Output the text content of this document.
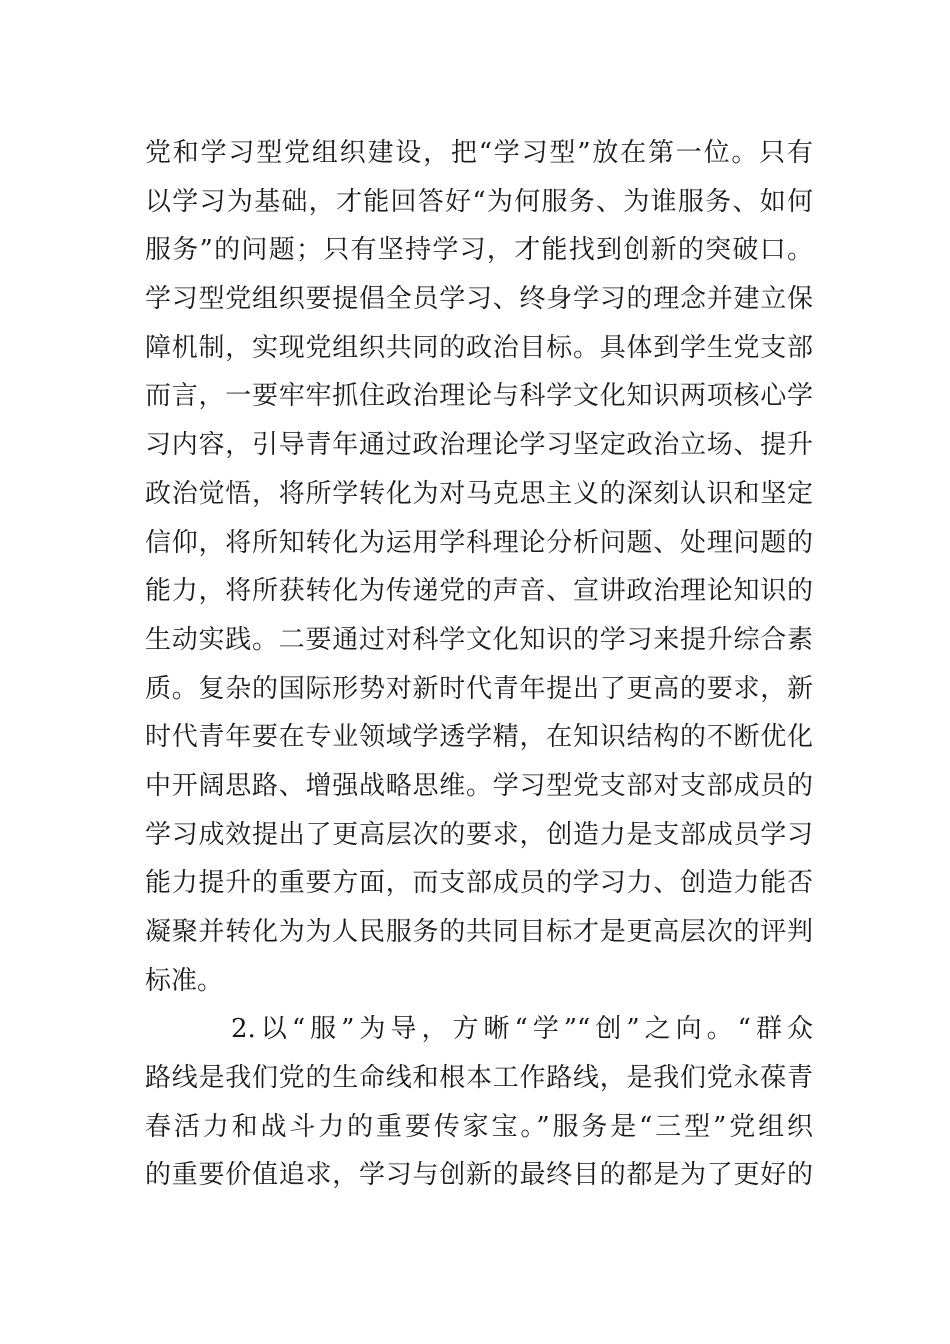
党和学习型党组织建设，把“学习型”放在第一位。只有
以学习为基础，才能回答好“为何服务、为谁服务、如何
服务”的问题；只有坚持学习，才能找到创新的突破口。
学习型党组织要提倡全员学习、终身学习的理念并建立保
障机制，实现党组织共同的政治目标。具体到学生党支部
而言，一要牢牢抓住政治理论与科学文化知识两项核心学
习内容，引导青年通过政治理论学习坚定政治立场、提升
政治觉悟，将所学转化为对马克思主义的深刻认识和坚定
信仰，将所知转化为运用学科理论分析问题、处理问题的
能力，将所获转化为传递党的声音、宣讲政治理论知识的
生动实践。二要通过对科学文化知识的学习来提升综合素
质。复杂的国际形势对新时代青年提出了更高的要求，新
时代青年要在专业领域学透学精，在知识结构的不断优化
中开阔思路、增强战略思维。学习型党支部对支部成员的
学习成效提出了更高层次的要求，创造力是支部成员学习
能力提升的重要方面，而支部成员的学习力、创造力能否
凝聚并转化为为人民服务的共同目标才是更高层次的评判
标准。
2.以“服”为导，方晰“学”“创”之向。“群众
路线是我们党的生命线和根本工作路线，是我们党永葆青
春活力和战斗力的重要传家宝。”服务是“三型”党组织
的重要价值追求，学习与创新的最终目的都是为了更好的
